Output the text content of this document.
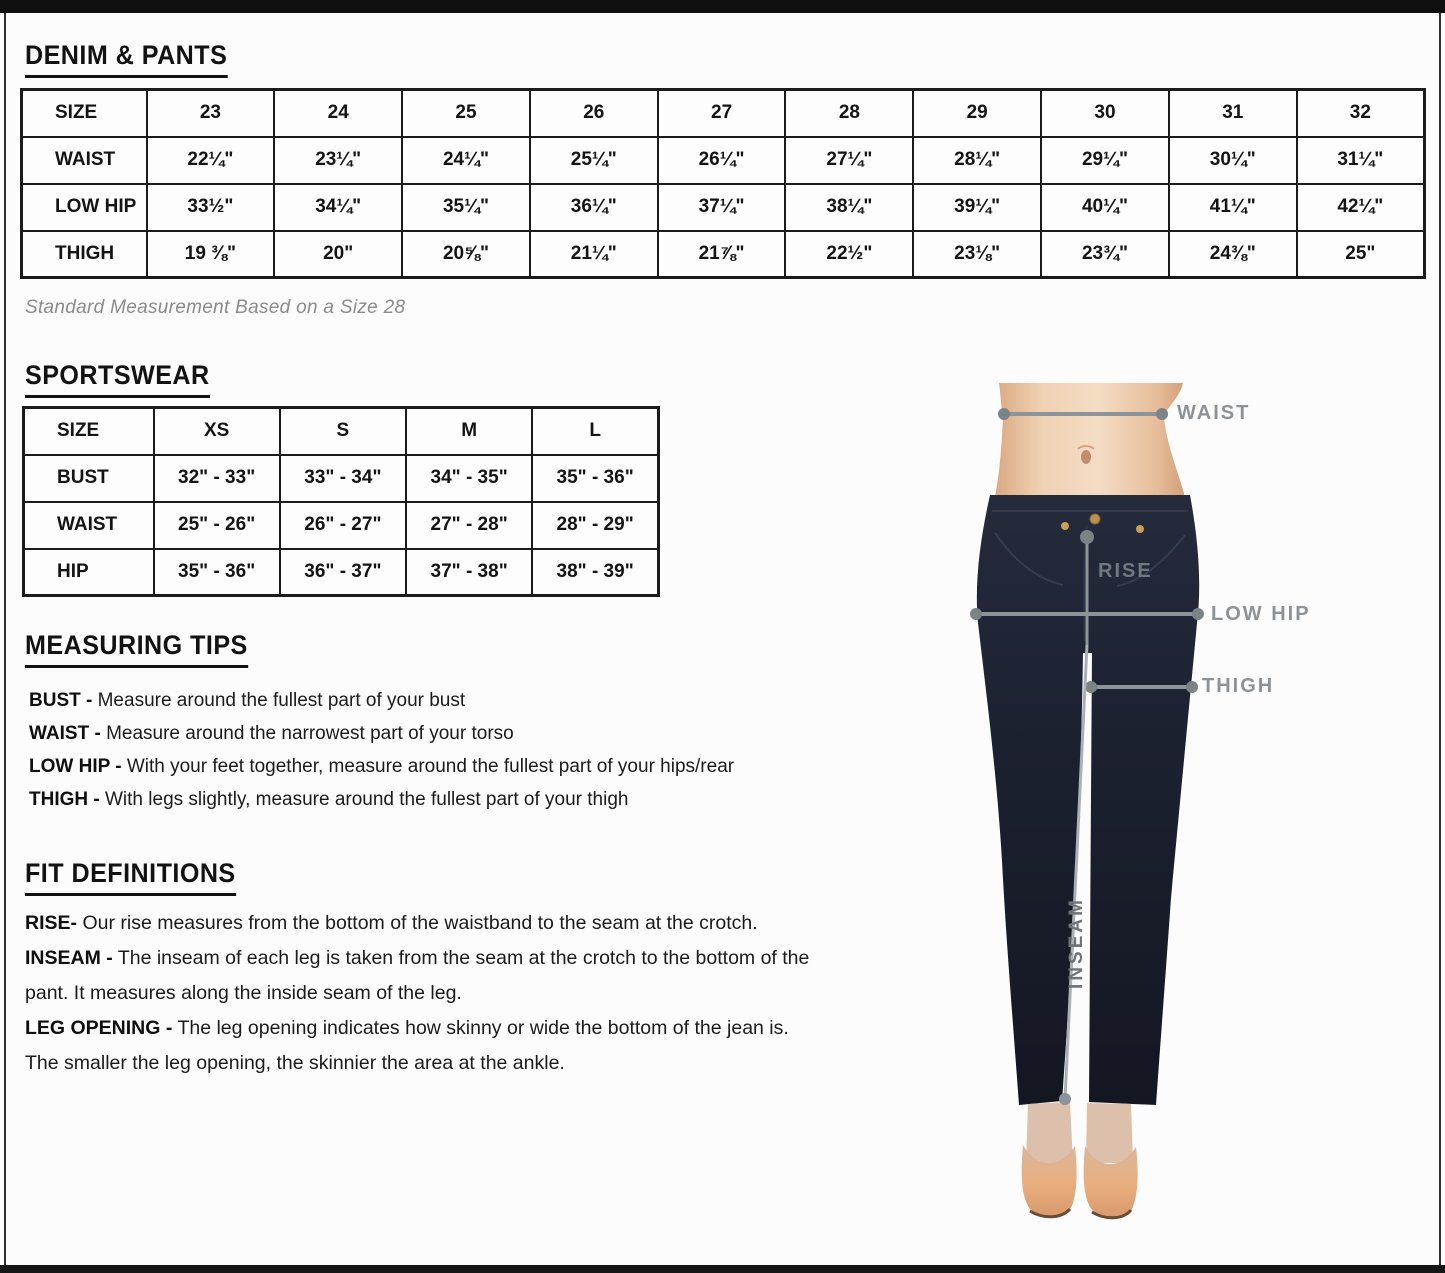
DENIM & PANTS
SIZE	23	24	25	26	27	28	29	30	31	32
WAIST	22¼"	23¼"	24¼"	25¼"	26¼"	27¼"	28¼"	29¼"	30¼"	31¼"
LOW HIP	33½"	34¼"	35¼"	36¼"	37¼"	38¼"	39¼"	40¼"	41¼"	42¼"
THIGH	19 ⅜"	20"	20⅝"	21¼"	21⅞"	22½"	23⅛"	23¾"	24⅜"	25"
Standard Measurement Based on a Size 28
SPORTSWEAR
SIZE	XS	S	M	L
BUST	32" - 33"	33" - 34"	34" - 35"	35" - 36"
WAIST	25" - 26"	26" - 27"	27" - 28"	28" - 29"
HIP	35" - 36"	36" - 37"	37" - 38"	38" - 39"
MEASURING TIPS

BUST - Measure around the fullest part of your bust

WAIST - Measure around the narrowest part of your torso

LOW HIP - With your feet together, measure around the fullest part of your hips/rear

THIGH - With legs slightly, measure around the fullest part of your thigh

FIT DEFINITIONS

RISE- Our rise measures from the bottom of the waistband to the seam at the crotch.

INSEAM - The inseam of each leg is taken from the seam at the crotch to the bottom of the pant. It measures along the inside seam of the leg.

LEG OPENING - The leg opening indicates how skinny or wide the bottom of the jean is. The smaller the leg opening, the skinnier the area at the ankle.

WAIST
RISE
LOW HIP
THIGH
INSEAM
